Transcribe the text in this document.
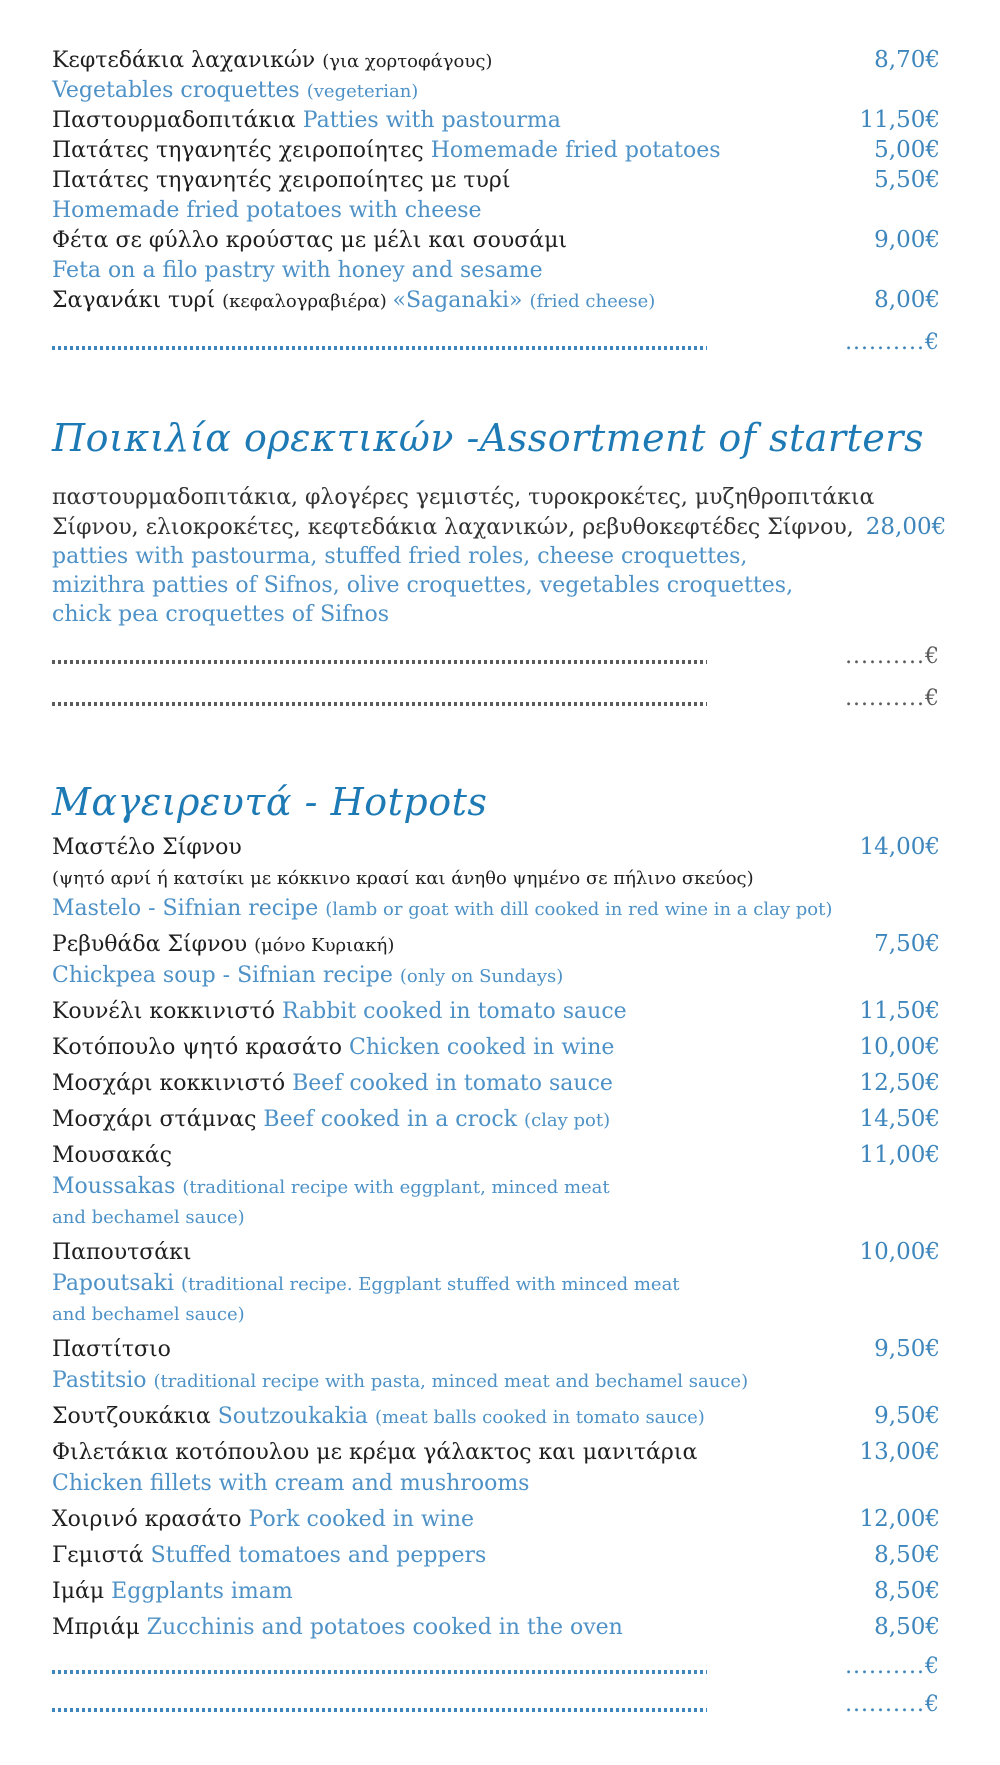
Κεφτεδάκια λαχανικών (για χορτοφάγους)	8,70€
Vegetables croquettes (vegeterian)
Παστουρμαδοπιτάκια Patties with pastourma	11,50€
Πατάτες τηγανητές χειροποίητες Homemade fried potatoes	5,00€
Πατάτες τηγανητές χειροποίητες με τυρί	5,50€
Homemade fried potatoes with cheese
Φέτα σε φύλλο κρούστας με μέλι και σουσάμι	9,00€
Feta on a filo pastry with honey and sesame
Σαγανάκι τυρί (κεφαλογραβιέρα) «Saganaki» (fried cheese)	8,00€
..........€
Ποικιλία ορεκτικών -Assortment of starters
παστουρμαδοπιτάκια, φλογέρες γεμιστές, τυροκροκέτες, μυζηθροπιτάκια
Σίφνου, ελιοκροκέτες, κεφτεδάκια λαχανικών, ρεβυθοκεφτέδες Σίφνου, 28,00€
patties with pastourma, stuffed fried roles, cheese croquettes,
mizithra patties of Sifnos, olive croquettes, vegetables croquettes,
chick pea croquettes of Sifnos
..........€
..........€
Μαγειρευτά - Hotpots
Μαστέλο Σίφνου	14,00€
(ψητό αρνί ή κατσίκι με κόκκινο κρασί και άνηθο ψημένο σε πήλινο σκεύος)
Mastelo - Sifnian recipe (lamb or goat with dill cooked in red wine in a clay pot)
Ρεβυθάδα Σίφνου (μόνο Κυριακή)	7,50€
Chickpea soup - Sifnian recipe (only on Sundays)
Κουνέλι κοκκινιστό Rabbit cooked in tomato sauce	11,50€
Κοτόπουλο ψητό κρασάτο Chicken cooked in wine	10,00€
Μοσχάρι κοκκινιστό Beef cooked in tomato sauce	12,50€
Μοσχάρι στάμνας Beef cooked in a crock (clay pot)	14,50€
Μουσακάς	11,00€
Moussakas (traditional recipe with eggplant, minced meat
and bechamel sauce)
Παπουτσάκι	10,00€
Papoutsaki (traditional recipe. Eggplant stuffed with minced meat
and bechamel sauce)
Παστίτσιο	9,50€
Pastitsio (traditional recipe with pasta, minced meat and bechamel sauce)
Σουτζουκάκια Soutzoukakia (meat balls cooked in tomato sauce)	9,50€
Φιλετάκια κοτόπουλου με κρέμα γάλακτος και μανιτάρια	13,00€
Chicken fillets with cream and mushrooms
Χοιρινό κρασάτο Pork cooked in wine	12,00€
Γεμιστά Stuffed tomatoes and peppers	8,50€
Ιμάμ Eggplants imam	8,50€
Μπριάμ Zucchinis and potatoes cooked in the oven	8,50€
..........€
..........€
